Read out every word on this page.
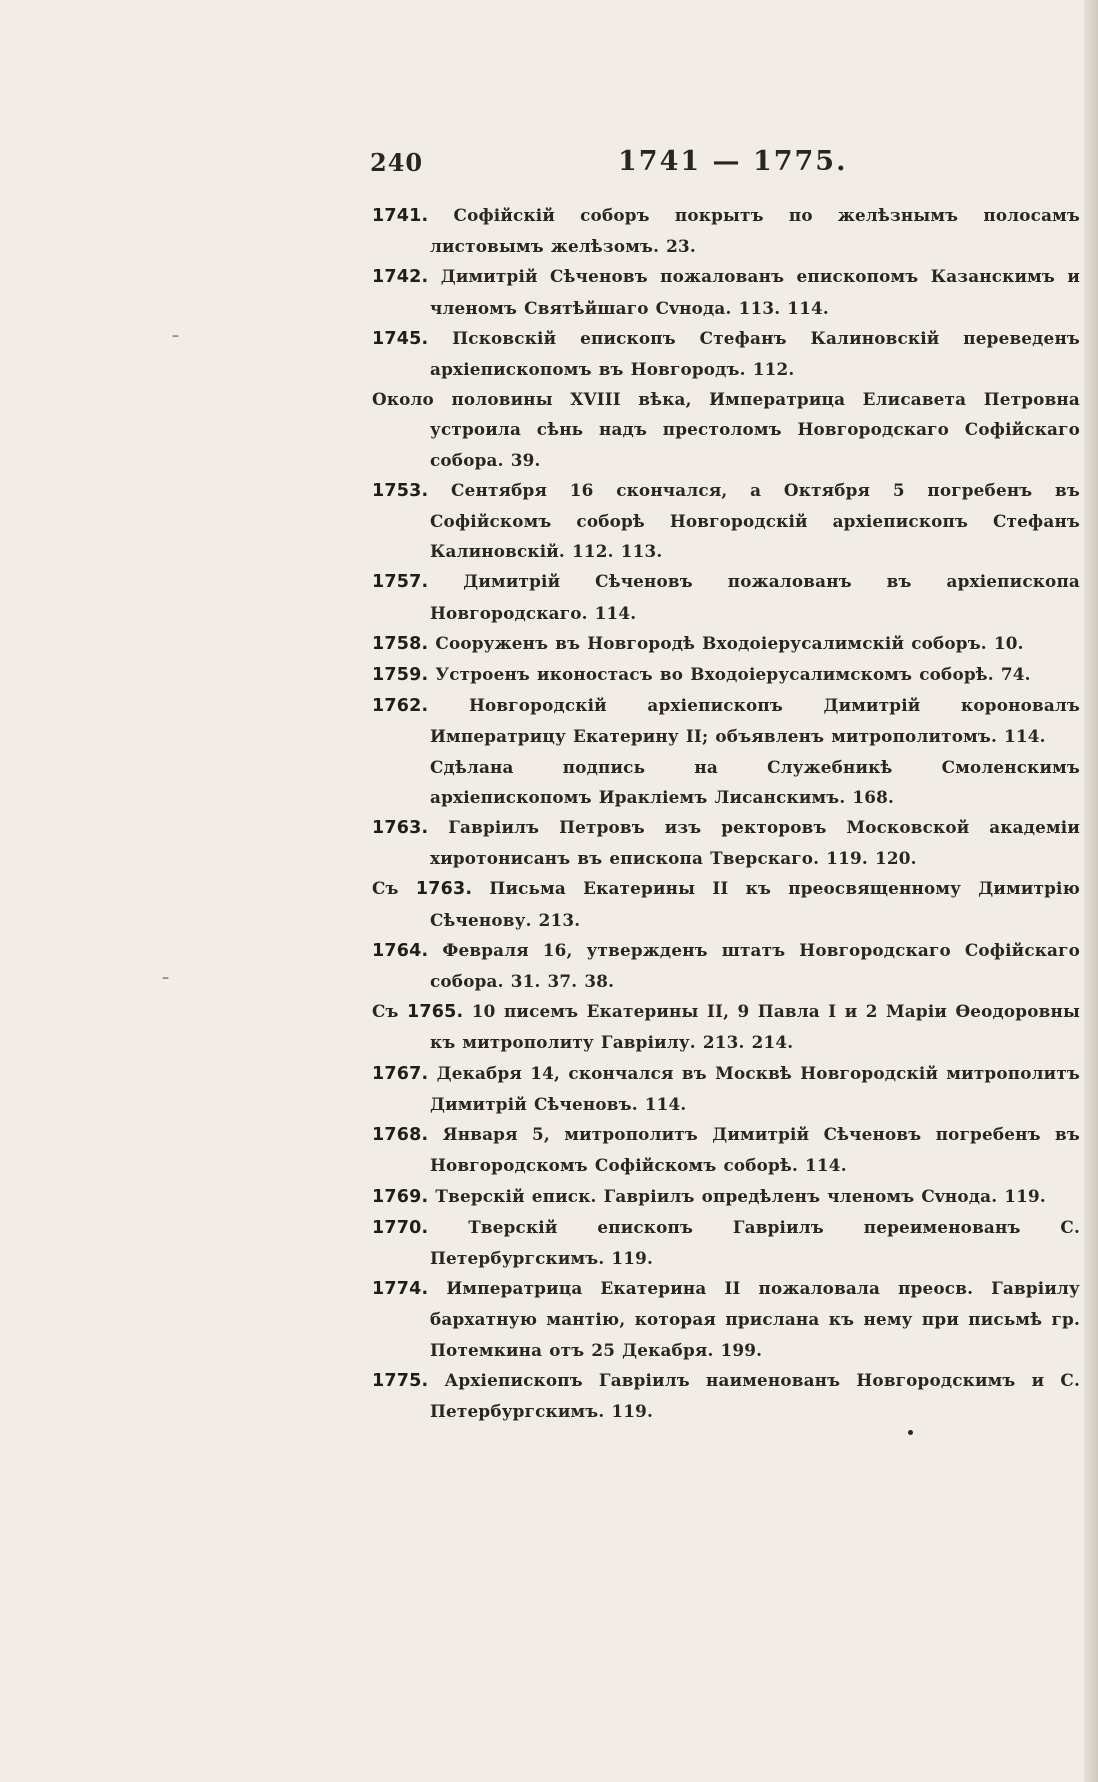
240	1741 — 1775.
–
–
1741. Софійскій соборъ покрытъ по желѣзнымъ полосамъ листовымъ желѣзомъ. 23.
1742. Димитрій Сѣченовъ пожалованъ епископомъ Казанскимъ и членомъ Святѣйшаго Сvнода. 113. 114.
1745. Псковскій епископъ Стефанъ Калиновскій переведенъ архіепископомъ въ Новгородъ. 112.
Около половины XVIII вѣка, Императрица Елисавета Петровна устроила сѣнь надъ престоломъ Новгородскаго Софійскаго собора. 39.
1753. Сентября 16 скончался, а Октября 5 погребенъ въ Софійскомъ соборѣ Новгородскій архіепископъ Стефанъ Калиновскій. 112. 113.
1757. Димитрій Сѣченовъ пожалованъ въ архіепископа Новгородскаго. 114.
1758. Сооруженъ въ Новгородѣ Входоіерусалимскій соборъ. 10.
1759. Устроенъ иконостасъ во Входоіерусалимскомъ соборѣ. 74.
1762. Новгородскій архіепископъ Димитрій короновалъ Императрицу Екатерину II; объявленъ митрополитомъ. 114.
Сдѣлана подпись на Служебникѣ Смоленскимъ архіепископомъ Иракліемъ Лисанскимъ. 168.
1763. Гавріилъ Петровъ изъ ректоровъ Московской академіи хиротонисанъ въ епископа Тверскаго. 119. 120.
Съ 1763. Письма Екатерины II къ преосвященному Димитрію Сѣченову. 213.
1764. Февраля 16, утвержденъ штатъ Новгородскаго Софійскаго собора. 31. 37. 38.
Съ 1765. 10 писемъ Екатерины II, 9 Павла I и 2 Маріи Ѳеодоровны къ митрополиту Гавріилу. 213. 214.
1767. Декабря 14, скончался въ Москвѣ Новгородскій митрополитъ Димитрій Сѣченовъ. 114.
1768. Января 5, митрополитъ Димитрій Сѣченовъ погребенъ въ Новгородскомъ Софійскомъ соборѣ. 114.
1769. Тверскій еписк. Гавріилъ опредѣленъ членомъ Сvнода. 119.
1770. Тверскій епископъ Гавріилъ переименованъ С. Петербургскимъ. 119.
1774. Императрица Екатерина II пожаловала преосв. Гавріилу бархатную мантію, которая прислана къ нему при письмѣ гр. Потемкина отъ 25 Декабря. 199.
1775. Архіепископъ Гавріилъ наименованъ Новгородскимъ и С. Петербургскимъ. 119.
